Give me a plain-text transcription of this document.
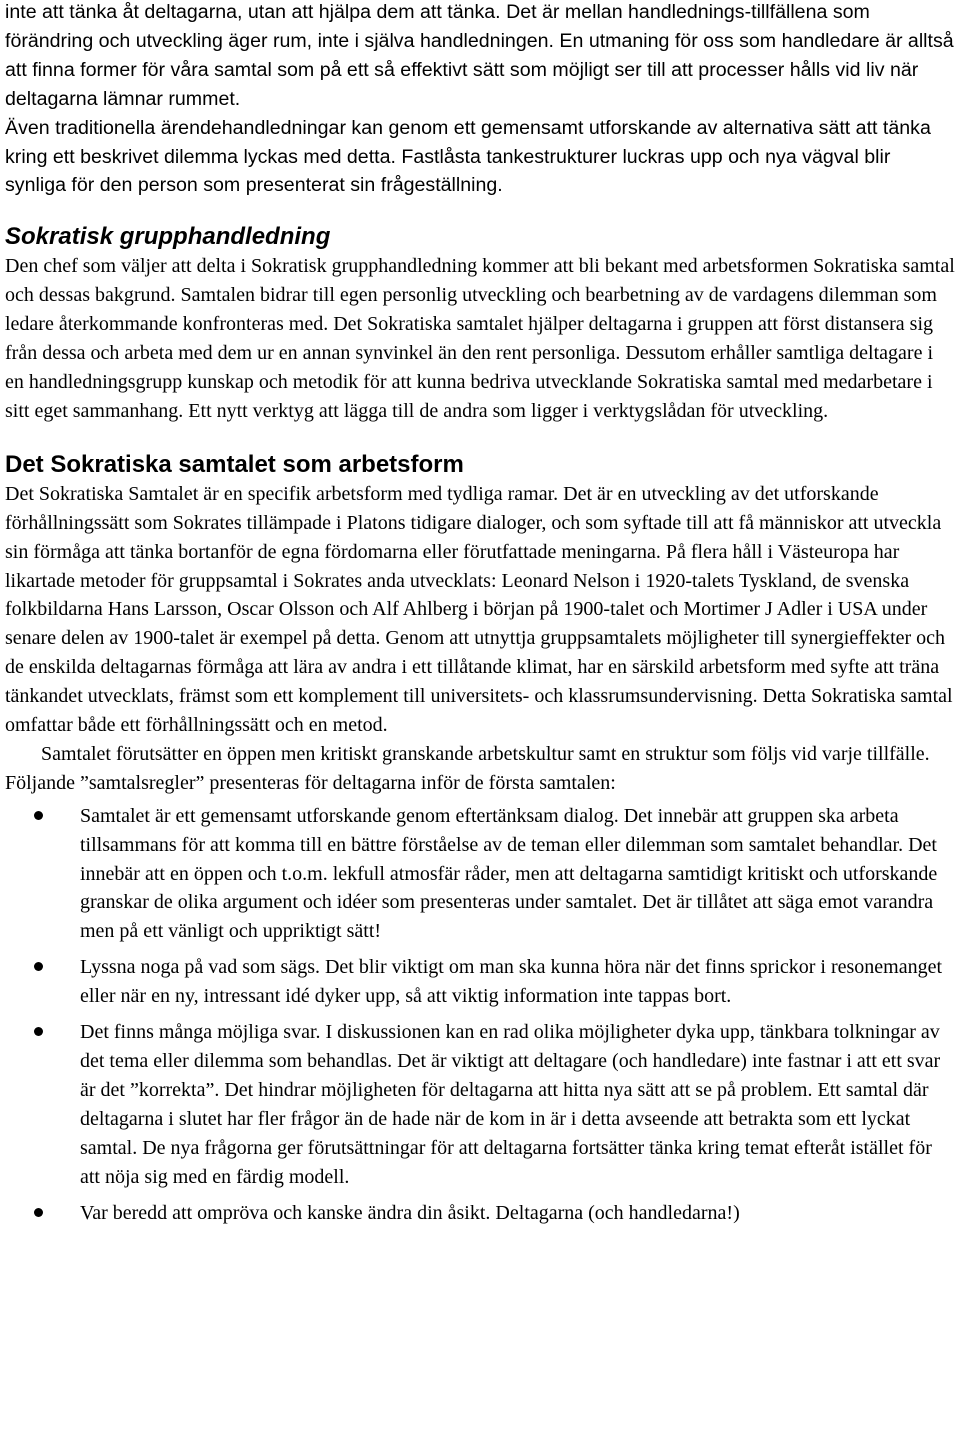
inte att tänka åt deltagarna, utan att hjälpa dem att tänka. Det är mellan handlednings-tillfällena som förändring och utveckling äger rum, inte i själva handledningen. En utmaning för oss som handledare är alltså att finna former för våra samtal som på ett så effektivt sätt som möjligt ser till att processer hålls vid liv när deltagarna lämnar rummet.

Även traditionella ärendehandledningar kan genom ett gemensamt utforskande av alternativa sätt att tänka kring ett beskrivet dilemma lyckas med detta. Fastlåsta tankestrukturer luckras upp och nya vägval blir synliga för den person som presenterat sin frågeställning.

Sokratisk grupphandledning

Den chef som väljer att delta i Sokratisk grupphandledning kommer att bli bekant med arbetsformen Sokratiska samtal och dessas bakgrund. Samtalen bidrar till egen personlig utveckling och bearbetning av de vardagens dilemman som ledare återkommande konfronteras med. Det Sokratiska samtalet hjälper deltagarna i gruppen att först distansera sig från dessa och arbeta med dem ur en annan synvinkel än den rent personliga. Dessutom erhåller samtliga deltagare i en handledningsgrupp kunskap och metodik för att kunna bedriva utvecklande Sokratiska samtal med medarbetare i sitt eget sammanhang. Ett nytt verktyg att lägga till de andra som ligger i verktygslådan för utveckling.

Det Sokratiska samtalet som arbetsform

Det Sokratiska Samtalet är en specifik arbetsform med tydliga ramar. Det är en utveckling av det utforskande förhållningssätt som Sokrates tillämpade i Platons tidigare dialoger, och som syftade till att få människor att utveckla sin förmåga att tänka bortanför de egna fördomarna eller förutfattade meningarna. På flera håll i Västeuropa har likartade metoder för gruppsamtal i Sokrates anda utvecklats: Leonard Nelson i 1920-talets Tyskland, de svenska folkbildarna Hans Larsson, Oscar Olsson och Alf Ahlberg i början på 1900-talet och Mortimer J Adler i USA under senare delen av 1900-talet är exempel på detta. Genom att utnyttja gruppsamtalets möjligheter till synergieffekter och de enskilda deltagarnas förmåga att lära av andra i ett tillåtande klimat, har en särskild arbetsform med syfte att träna tänkandet utvecklats, främst som ett komplement till universitets- och klassrumsundervisning. Detta Sokratiska samtal omfattar både ett förhållningssätt och en metod.

Samtalet förutsätter en öppen men kritiskt granskande arbetskultur samt en struktur som följs vid varje tillfälle. Följande ”samtalsregler” presenteras för deltagarna inför de första samtalen:

Samtalet är ett gemensamt utforskande genom eftertänksam dialog. Det innebär att gruppen ska arbeta tillsammans för att komma till en bättre förståelse av de teman eller dilemman som samtalet behandlar. Det innebär att en öppen och t.o.m. lekfull atmosfär råder, men att deltagarna samtidigt kritiskt och utforskande granskar de olika argument och idéer som presenteras under samtalet. Det är tillåtet att säga emot varandra men på ett vänligt och uppriktigt sätt!
Lyssna noga på vad som sägs. Det blir viktigt om man ska kunna höra när det finns sprickor i resonemanget eller när en ny, intressant idé dyker upp, så att viktig information inte tappas bort.
Det finns många möjliga svar. I diskussionen kan en rad olika möjligheter dyka upp, tänkbara tolkningar av det tema eller dilemma som behandlas. Det är viktigt att deltagare (och handledare) inte fastnar i att ett svar är det ”korrekta”. Det hindrar möjligheten för deltagarna att hitta nya sätt att se på problem. Ett samtal där deltagarna i slutet har fler frågor än de hade när de kom in är i detta avseende att betrakta som ett lyckat samtal. De nya frågorna ger förutsättningar för att deltagarna fortsätter tänka kring temat efteråt istället för att nöja sig med en färdig modell.
Var beredd att ompröva och kanske ändra din åsikt. Deltagarna (och handledarna!)
